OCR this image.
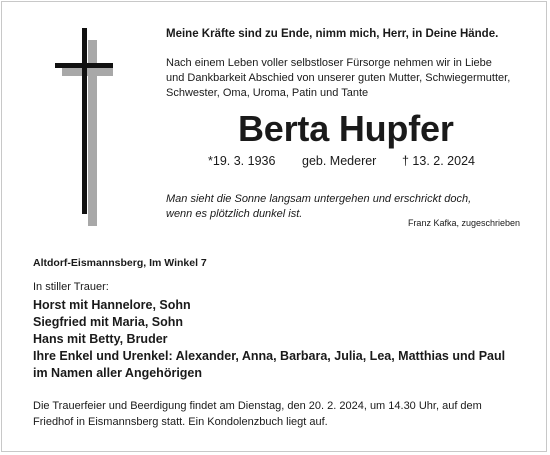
Meine Kräfte sind zu Ende, nimm mich, Herr, in Deine Hände.
Nach einem Leben voller selbstloser Fürsorge nehmen wir in Liebe
und Dankbarkeit Abschied von unserer guten Mutter, Schwiegermutter,
Schwester, Oma, Uroma, Patin und Tante
Berta Hupfer
*19. 3. 1936 geb. Mederer † 13. 2. 2024
Man sieht die Sonne langsam untergehen und erschrickt doch,
wenn es plötzlich dunkel ist.
Franz Kafka, zugeschrieben
Altdorf-Eismannsberg, Im Winkel 7
In stiller Trauer:
Horst mit Hannelore, Sohn
Siegfried mit Maria, Sohn
Hans mit Betty, Bruder
Ihre Enkel und Urenkel: Alexander, Anna, Barbara, Julia, Lea, Matthias und Paul
im Namen aller Angehörigen
Die Trauerfeier und Beerdigung findet am Dienstag, den 20. 2. 2024, um 14.30 Uhr, auf dem
Friedhof in Eismannsberg statt. Ein Kondolenzbuch liegt auf.
